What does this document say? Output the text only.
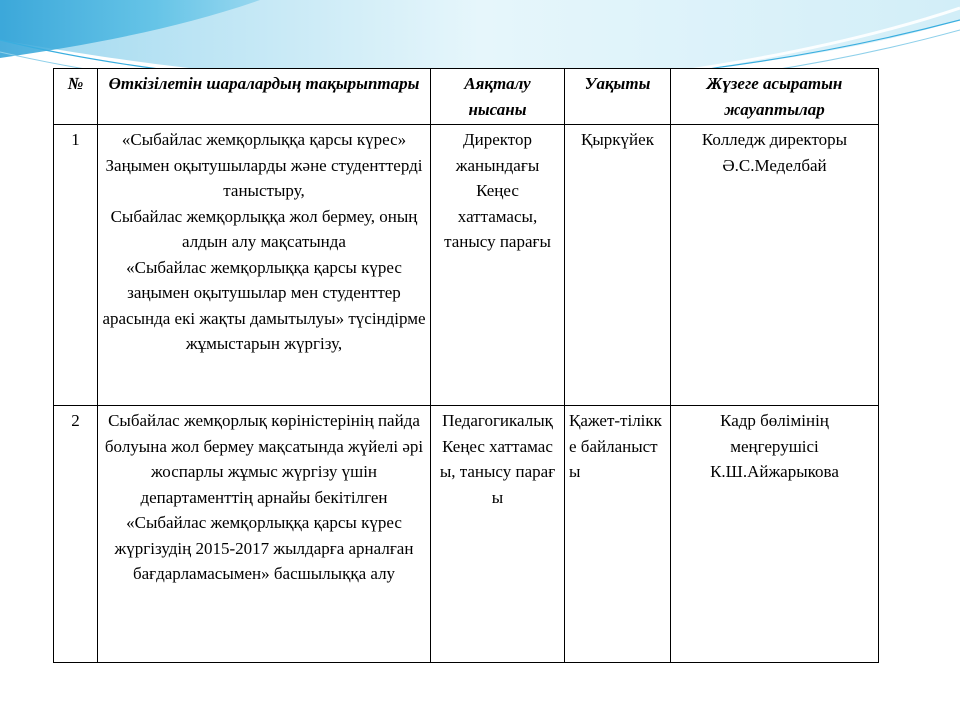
№	Өткізілетін шаралардың тақырыптары	Аяқталу нысаны	Уақыты	Жүзеге асыратын жауаптылар
1	«Сыбайлас жемқорлыққа қарсы күрес» Заңымен оқытушыларды және студенттерді таныстыру,
Сыбайлас жемқорлыққа жол бермеу, оның алдын алу мақсатында
«Сыбайлас жемқорлыққа қарсы күрес заңымен оқытушылар мен студенттер арасында екі жақты дамытылуы» түсіндірме жұмыстарын жүргізу,	Директор жанындағы Кеңес хаттамасы, танысу парағы	Қыркүйек	Колледж директоры Ә.С.Меделбай
2	Сыбайлас жемқорлық көріністерінің пайда болуына жол бермеу мақсатында жүйелі әрі жоспарлы жұмыс жүргізу үшін департаменттің арнайы бекітілген «Сыбайлас жемқорлыққа қарсы күрес жүргізудің 2015-2017 жылдарға арналған бағдарламасымен» басшылыққа алу	Педагогикалық Кеңес хаттамасы, танысу парағы	Қажет-тілікке байланысты	Кадр бөлімінің меңгерушісі К.Ш.Айжарыкова
